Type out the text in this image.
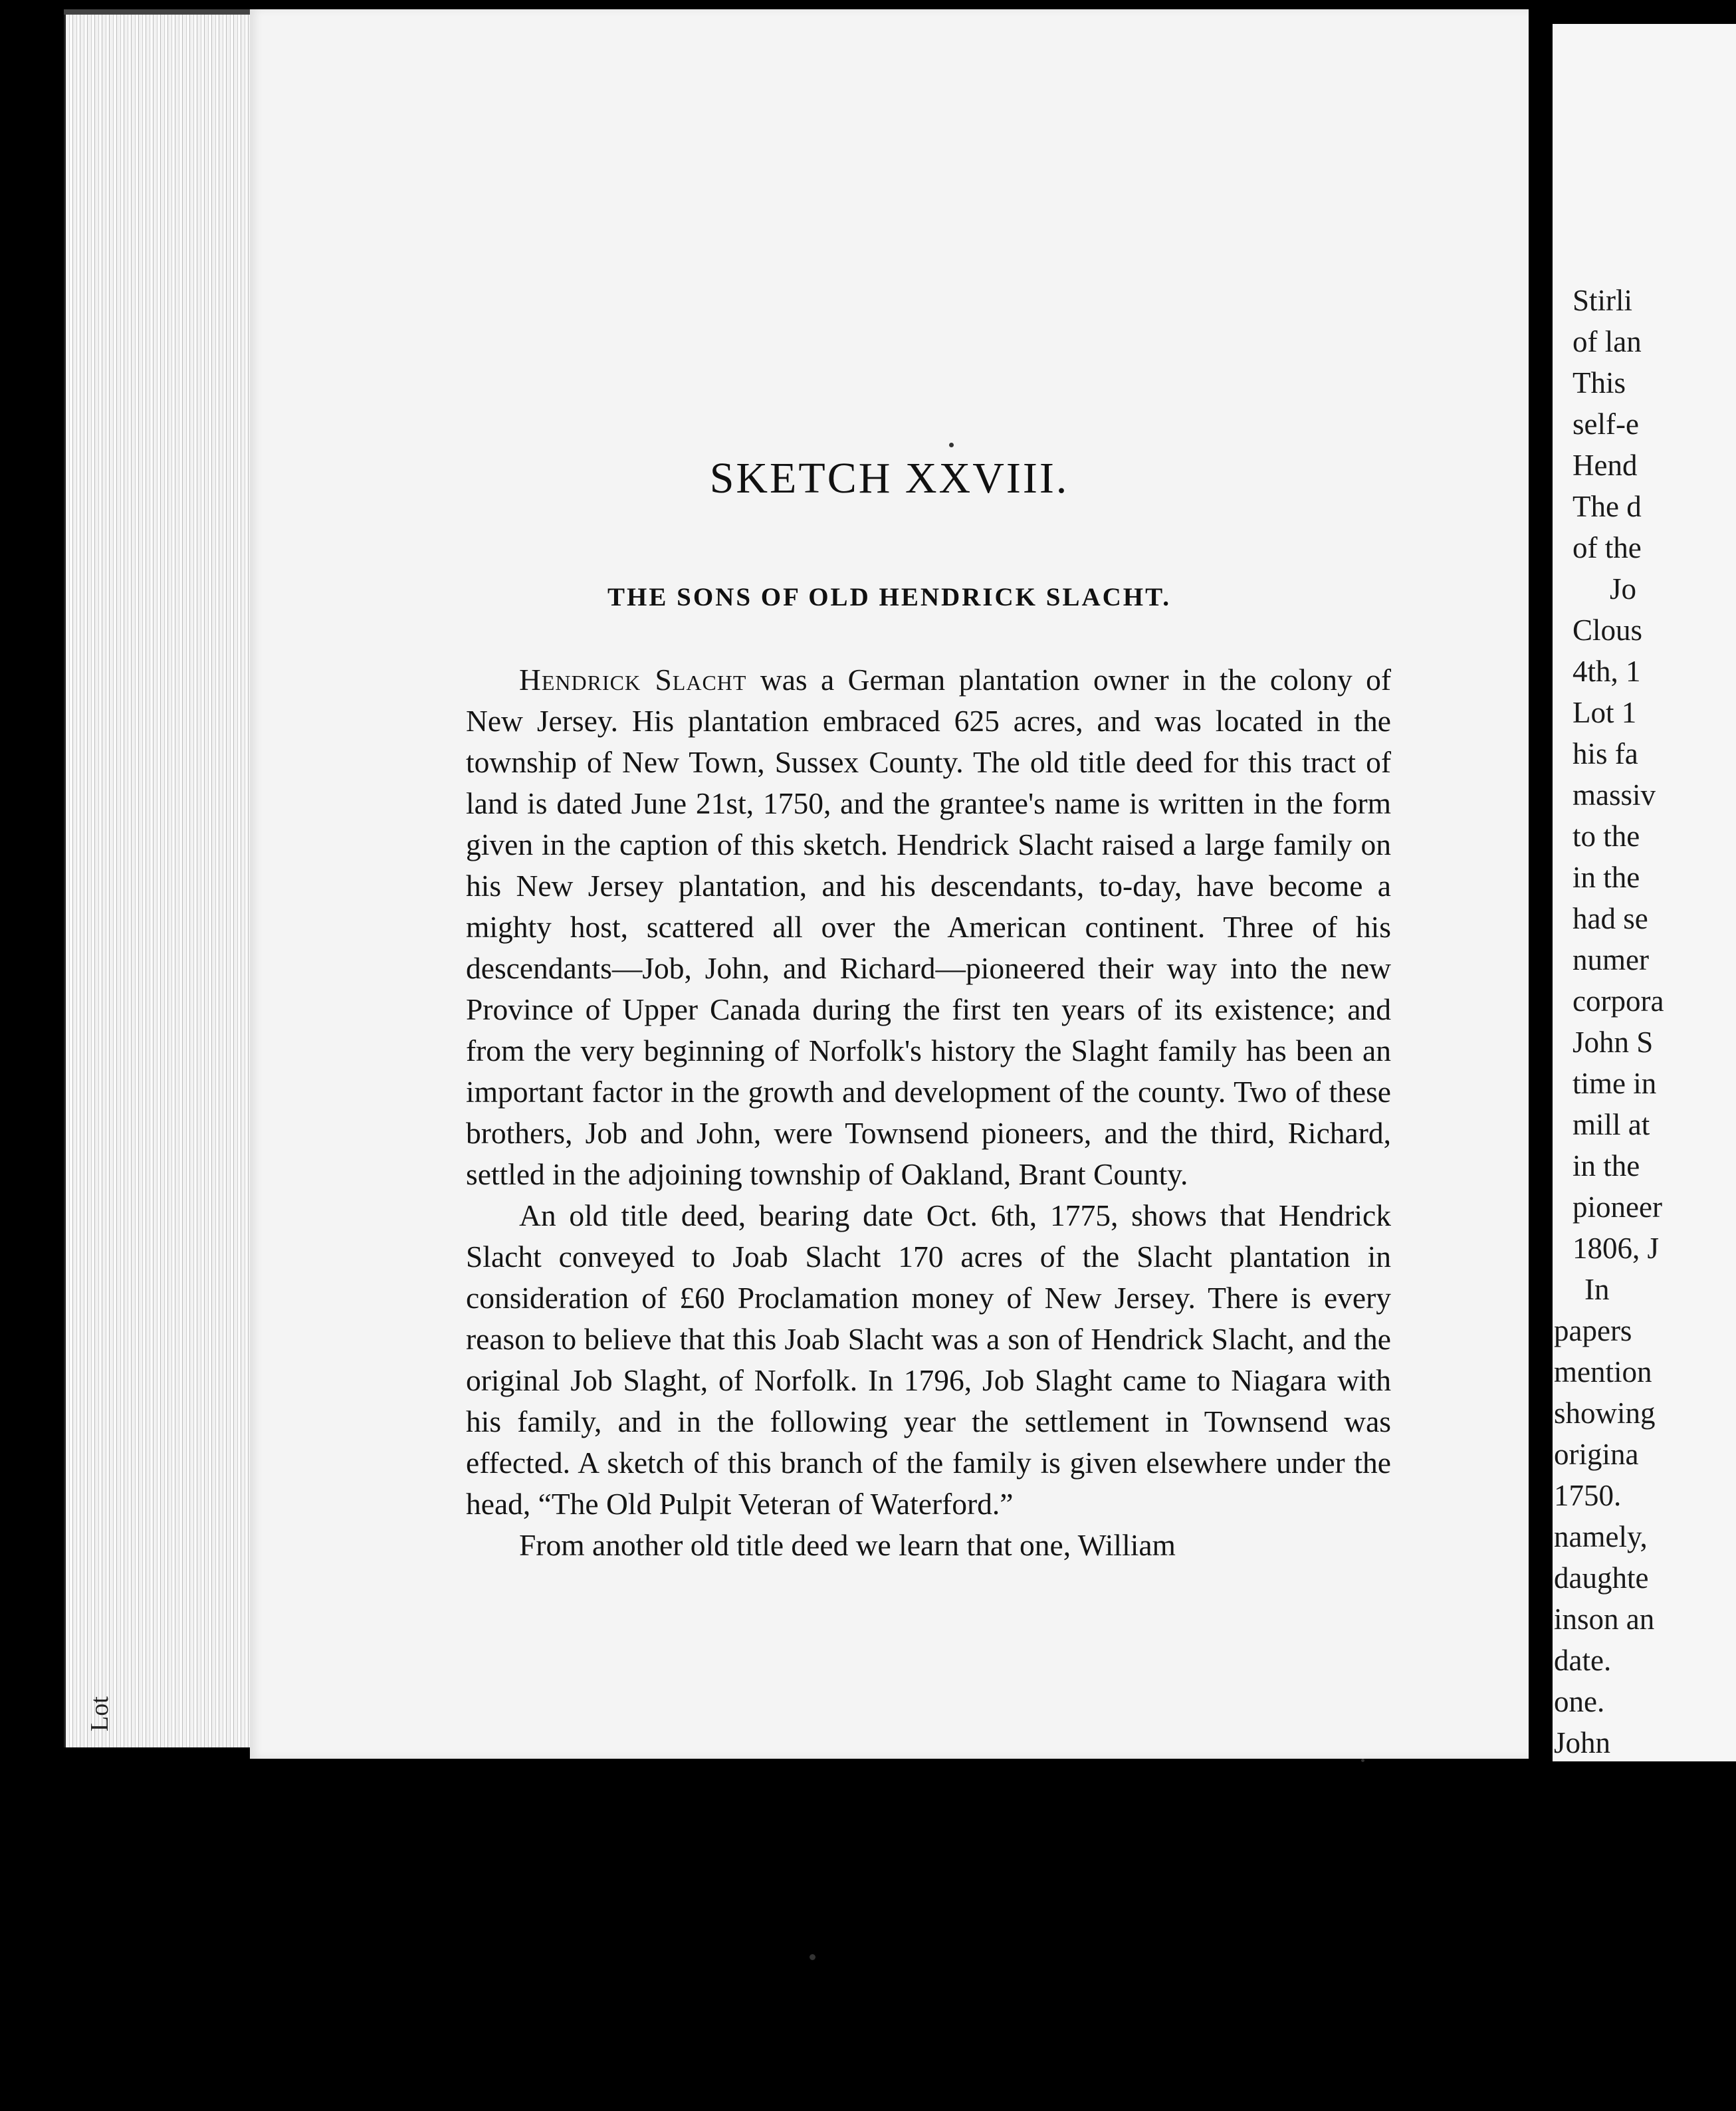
Lot
SKETCH XXVIII.
THE SONS OF OLD HENDRICK SLACHT.

Hendrick Slacht was a German plantation owner in the colony of New Jersey. His plantation embraced 625 acres, and was located in the township of New Town, Sussex County. The old title deed for this tract of land is dated June 21st, 1750, and the grantee's name is written in the form given in the caption of this sketch. Hendrick Slacht raised a large family on his New Jersey plantation, and his descendants, to-day, have become a mighty host, scattered all over the American continent. Three of his descendants—Job, John, and Richard—pioneered their way into the new Province of Upper Canada during the first ten years of its existence; and from the very beginning of Norfolk's history the Slaght family has been an important factor in the growth and development of the county. Two of these brothers, Job and John, were Townsend pioneers, and the third, Richard, settled in the adjoining township of Oakland, Brant County.

An old title deed, bearing date Oct. 6th, 1775, shows that Hendrick Slacht conveyed to Joab Slacht 170 acres of the Slacht plantation in consideration of £60 Proclamation money of New Jersey. There is every reason to believe that this Joab Slacht was a son of Hendrick Slacht, and the original Job Slaght, of Norfolk. In 1796, Job Slaght came to Niagara with his family, and in the following year the settlement in Townsend was effected. A sketch of this branch of the family is given elsewhere under the head, “The Old Pulpit Veteran of Waterford.”

From another old title deed we learn that one, William

Stirli
of lan
This
self-e
Hend
The d
of the
Jo
Clous
4th, 1
Lot 1
his fa
massiv
to the
in the
had se
numer
corpora
John S
time in
mill at
in the
pioneer
1806, J
In
papers
mention
showing
origina
1750.
namely,
daughte
inson an
date.
one.
John
